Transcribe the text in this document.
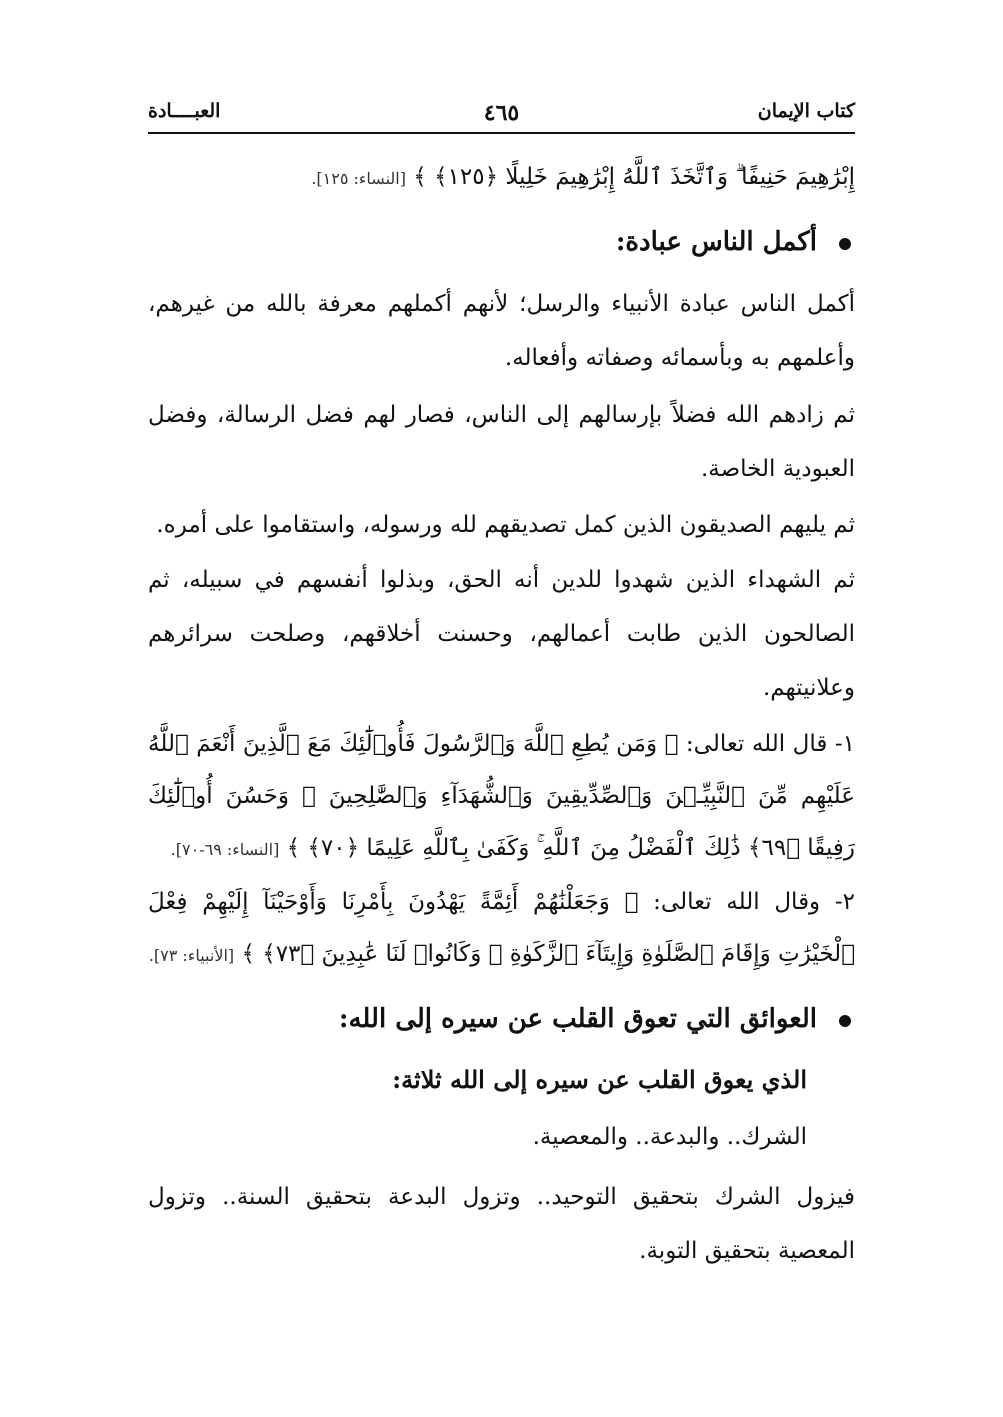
كتاب الإيمان
٤٦٥
العبــــادة
إِبْرَٰهِيمَ حَنِيفًا ۗ وَٱتَّخَذَ ٱللَّهُ إِبْرَٰهِيمَ خَلِيلًا ﴿١٢٥﴾ ﴾ [النساء: ١٢٥].
أكمل الناس عبادة:

أكمل الناس عبادة الأنبياء والرسل؛ لأنهم أكملهم معرفة بالله من غيرهم، وأعلمهم به وبأسمائه وصفاته وأفعاله.

ثم زادهم الله فضلاً بإرسالهم إلى الناس، فصار لهم فضل الرسالة، وفضل العبودية الخاصة.

ثم يليهم الصديقون الذين كمل تصديقهم لله ورسوله، واستقاموا على أمره.

ثم الشهداء الذين شهدوا للدين أنه الحق، وبذلوا أنفسهم في سبيله، ثم الصالحون الذين طابت أعمالهم، وحسنت أخلاقهم، وصلحت سرائرهم وعلانيتهم.

١- قال الله تعالى: ﴿ وَمَن يُطِعِ ٱللَّهَ وَٱلرَّسُولَ فَأُو۟لَٰٓئِكَ مَعَ ٱلَّذِينَ أَنْعَمَ ٱللَّهُ عَلَيْهِم مِّنَ ٱلنَّبِيِّـۧنَ وَٱلصِّدِّيقِينَ وَٱلشُّهَدَآءِ وَٱلصَّٰلِحِينَ ۚ وَحَسُنَ أُو۟لَٰٓئِكَ رَفِيقًا ﴿٦٩﴾ ذَٰلِكَ ٱلْفَضْلُ مِنَ ٱللَّهِ ۚ وَكَفَىٰ بِٱللَّهِ عَلِيمًا ﴿٧٠﴾ ﴾ [النساء: ٦٩-٧٠].
٢- وقال الله تعالى: ﴿ وَجَعَلْنَٰهُمْ أَئِمَّةً يَهْدُونَ بِأَمْرِنَا وَأَوْحَيْنَآ إِلَيْهِمْ فِعْلَ ٱلْخَيْرَٰتِ وَإِقَامَ ٱلصَّلَوٰةِ وَإِيتَآءَ ٱلزَّكَوٰةِ ۖ وَكَانُوا۟ لَنَا عَٰبِدِينَ ﴿٧٣﴾ ﴾ [الأنبياء: ٧٣].
العوائق التي تعوق القلب عن سيره إلى الله:
الذي يعوق القلب عن سيره إلى الله ثلاثة:
الشرك.. والبدعة.. والمعصية.

فيزول الشرك بتحقيق التوحيد.. وتزول البدعة بتحقيق السنة.. وتزول المعصية بتحقيق التوبة.
